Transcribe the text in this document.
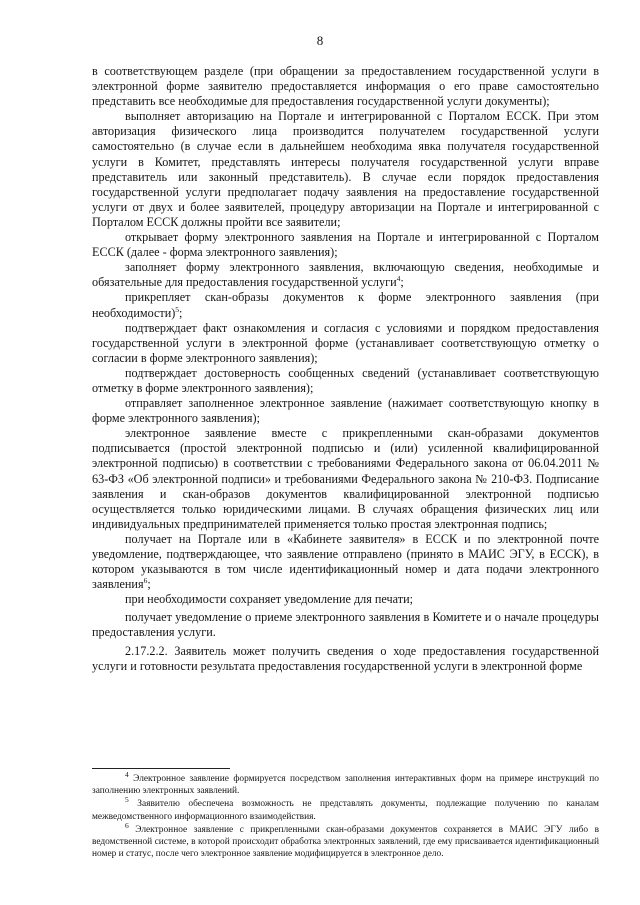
8

в соответствующем разделе (при обращении за предоставлением государственной услуги в электронной форме заявителю предоставляется информация о его праве самостоятельно представить все необходимые для предоставления государственной услуги документы);

выполняет авторизацию на Портале и интегрированной с Порталом ЕССК. При этом авторизация физического лица производится получателем государственной услуги самостоятельно (в случае если в дальнейшем необходима явка получателя государственной услуги в Комитет, представлять интересы получателя государственной услуги вправе представитель или законный представитель). В случае если порядок предоставления государственной услуги предполагает подачу заявления на предоставление государственной услуги от двух и более заявителей, процедуру авторизации на Портале и интегрированной с Порталом ЕССК должны пройти все заявители;

открывает форму электронного заявления на Портале и интегрированной с Порталом ЕССК (далее - форма электронного заявления);

заполняет форму электронного заявления, включающую сведения, необходимые и обязательные для предоставления государственной услуги$^4$;

прикрепляет скан-образы документов к форме электронного заявления (при необходимости)$^5$;

подтверждает факт ознакомления и согласия с условиями и порядком предоставления государственной услуги в электронной форме (устанавливает соответствующую отметку о согласии в форме электронного заявления);

подтверждает достоверность сообщенных сведений (устанавливает соответствующую отметку в форме электронного заявления);

отправляет заполненное электронное заявление (нажимает соответствующую кнопку в форме электронного заявления);

электронное заявление вместе с прикрепленными скан-образами документов подписывается (простой электронной подписью и (или) усиленной квалифицированной электронной подписью) в соответствии с требованиями Федерального закона от 06.04.2011 № 63-ФЗ «Об электронной подписи» и требованиями Федерального закона № 210-ФЗ. Подписание заявления и скан-образов документов квалифицированной электронной подписью осуществляется только юридическими лицами. В случаях обращения физических лиц или индивидуальных предпринимателей применяется только простая электронная подпись;

получает на Портале или в «Кабинете заявителя» в ЕССК и по электронной почте уведомление, подтверждающее, что заявление отправлено (принято в МАИС ЭГУ, в ЕССК), в котором указываются в том числе идентификационный номер и дата подачи электронного заявления$^6$;

при необходимости сохраняет уведомление для печати;

получает уведомление о приеме электронного заявления в Комитете и о начале процедуры предоставления услуги.

2.17.2.2. Заявитель может получить сведения о ходе предоставления государственной услуги и готовности результата предоставления государственной услуги в электронной форме

$^4$ Электронное заявление формируется посредством заполнения интерактивных форм на примере инструкций по заполнению электронных заявлений.

$^5$ Заявителю обеспечена возможность не представлять документы, подлежащие получению по каналам межведомственного информационного взаимодействия.

$^6$ Электронное заявление с прикрепленными скан-образами документов сохраняется в МАИС ЭГУ либо в ведомственной системе, в которой происходит обработка электронных заявлений, где ему присваивается идентификационный номер и статус, после чего электронное заявление модифицируется в электронное дело.
